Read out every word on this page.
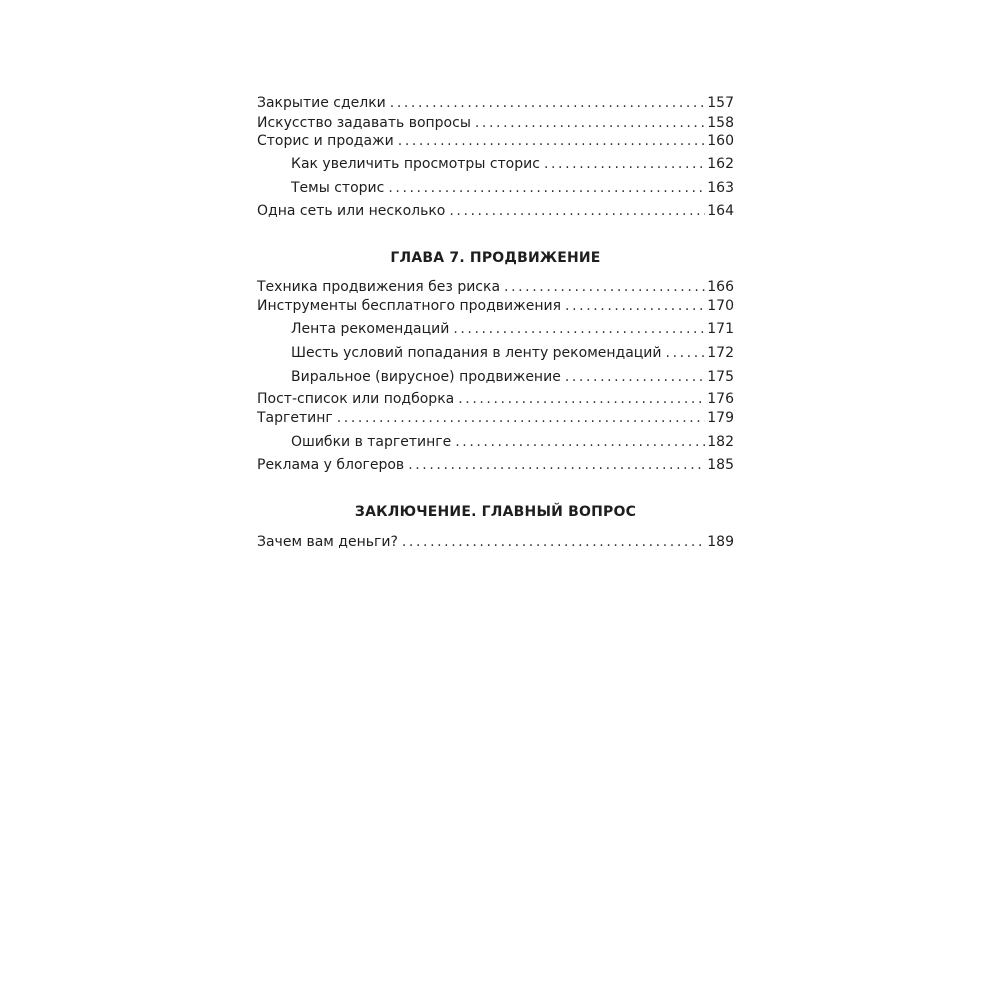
Закрытие сделки .....	157
Искусство задавать вопросы .....	158
Сторис и продажи .....	160
Как увеличить просмотры сторис .....	162
Темы сторис .....	163
Одна сеть или несколько .....	164
ГЛАВА 7. ПРОДВИЖЕНИЕ
Техника продвижения без риска .....	166
Инструменты бесплатного продвижения .....	170
Лента рекомендаций .....	171
Шесть условий попадания в ленту рекомендаций .....	172
Виральное (вирусное) продвижение .....	175
Пост-список или подборка .....	176
Таргетинг .....	179
Ошибки в таргетинге .....	182
Реклама у блогеров .....	185
ЗАКЛЮЧЕНИЕ. ГЛАВНЫЙ ВОПРОС
Зачем вам деньги? .....	189
